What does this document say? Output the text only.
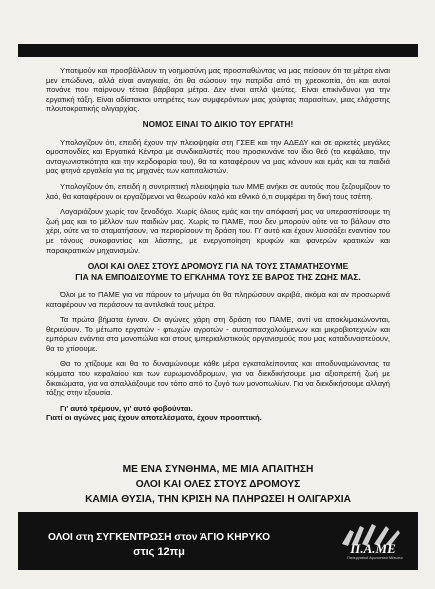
Υποτιμούν και προσβάλλουν τη νοημοσύνη μας προσπαθώντας να μας πείσουν ότι τα μέτρα είναι μεν επώδυνα, αλλά είναι αναγκαία, ότι θα σώσουν την πατρίδα από τη χρεοκοπία, ότι και αυτοί πονάνε που παίρνουν τέτοια βάρβαρα μέτρα. Δεν είναι απλά ψεύτες. Είναι επικίνδυνοι για την εργατική τάξη. Είναι αδίστακτοι υπηρέτες των συμφερόντων μιας χούφτας παρασίτων, μιας ελάχιστης πλουτοκρατικής ολιγαρχίας.

ΝΟΜΟΣ ΕΙΝΑΙ ΤΟ ΔΙΚΙΟ ΤΟΥ ΕΡΓΑΤΗ!

Υπολογίζουν ότι, επειδή έχουν την πλειοψηφία στη ΓΣΕΕ και την ΑΔΕΔΥ και σε αρκετές μεγάλες ομοσπονδίες και Εργατικά Κέντρα με συνδικαλιστές που προσκυνάνε τον ίδιο θεό (το κεφάλαιο, την ανταγωνιστικότητα και την κερδοφορία του), θα τα καταφέρουν να μας κάνουν και εμάς και τα παιδιά μας φτηνά εργαλεία για τις μηχανές των καπιταλιστών.

Υπολογίζουν ότι, επειδή η συντριπτική πλειοψηφία των ΜΜΕ ανήκει σε αυτούς που ξεζουμίζουν το λαό, θα καταφέρουν οι εργαζόμενοι να θεωρούν καλό και εθνικό ό,τι συμφέρει τη δική τους τσέπη.

Λογαριάζουν χωρίς τον ξενοδόχο. Χωρίς όλους εμάς και την απόφασή μας να υπερασπίσουμε τη ζωή μας και το μέλλον των παιδιών μας. Χωρίς το ΠΑΜΕ, που δεν μπορούν ούτε να το βάλουν στο χέρι, ούτε να το σταματήσουν, να περιορίσουν τη δράση του. Γι' αυτό και έχουν λυσσάξει εναντίον του με τόνους συκοφαντίας και λάσπης, με ενεργοποίηση κρυφών και φανερών κρατικών και παρακρατικών μηχανισμών.

ΟΛΟΙ ΚΑΙ ΟΛΕΣ ΣΤΟΥΣ ΔΡΟΜΟΥΣ ΓΙΑ ΝΑ ΤΟΥΣ ΣΤΑΜΑΤΗΣΟΥΜΕ
ΓΙΑ ΝΑ ΕΜΠΟΔΙΣΟΥΜΕ ΤΟ ΕΓΚΛΗΜΑ ΤΟΥΣ ΣΕ ΒΑΡΟΣ ΤΗΣ ΖΩΗΣ ΜΑΣ.

Όλοι με το ΠΑΜΕ για να πάρουν το μήνυμα ότι θα πληρώσουν ακριβά, ακόμα και αν προσωρινά καταφέρουν να περάσουν τα αντιλαϊκά τους μέτρα.

Τα πρώτα βήματα έγιναν. Οι αγώνες χάρη στη δράση του ΠΑΜΕ, αντί να αποκλιμακώνονται, θεριεύουν. Το μέτωπο εργατών - φτωχών αγροτών - αυτοαπασχολούμενων και μικροβιοτεχνών και εμπόρων ενάντια στα μονοπώλια και στους ιμπεριαλιστικούς οργανισμούς που μας καταδυναστεύουν, θα το χτίσουμε.

Θα το χτίζουμε και θα το δυναμώνουμε κάθε μέρα εγκαταλείποντας και αποδυναμώνοντας τα κόμματα του κεφαλαίου και των ευρωμονόδρομων, για να διεκδικήσουμε μια αξιοπρεπή ζωή με δικαιώματα, για να απαλλάξουμε τον τόπο από το ζυγό των μονοπωλίων. Για να διεκδικήσουμε αλλαγή τάξης στην εξουσία.

Γι' αυτό τρέμουν, γι' αυτό φοβούνται.
Γιατί οι αγώνες μας έχουν αποτελέσματα, έχουν προοπτική.

ΜΕ ΕΝΑ ΣΥΝΘΗΜΑ, ΜΕ ΜΙΑ ΑΠΑΙΤΗΣΗ
ΟΛΟΙ ΚΑΙ ΟΛΕΣ ΣΤΟΥΣ ΔΡΟΜΟΥΣ
ΚΑΜΙΑ ΘΥΣΙΑ, ΤΗΝ ΚΡΙΣΗ ΝΑ ΠΛΗΡΩΣΕΙ Η ΟΛΙΓΑΡΧΙΑ
ΟΛΟΙ στη ΣΥΓΚΕΝΤΡΩΣΗ στον ΆΓΙΟ ΚΗΡΥΚΟ
στις 12πμ	Π.Α.ΜΕ
Πανεργατικό Αγωνιστικό Μέτωπο
